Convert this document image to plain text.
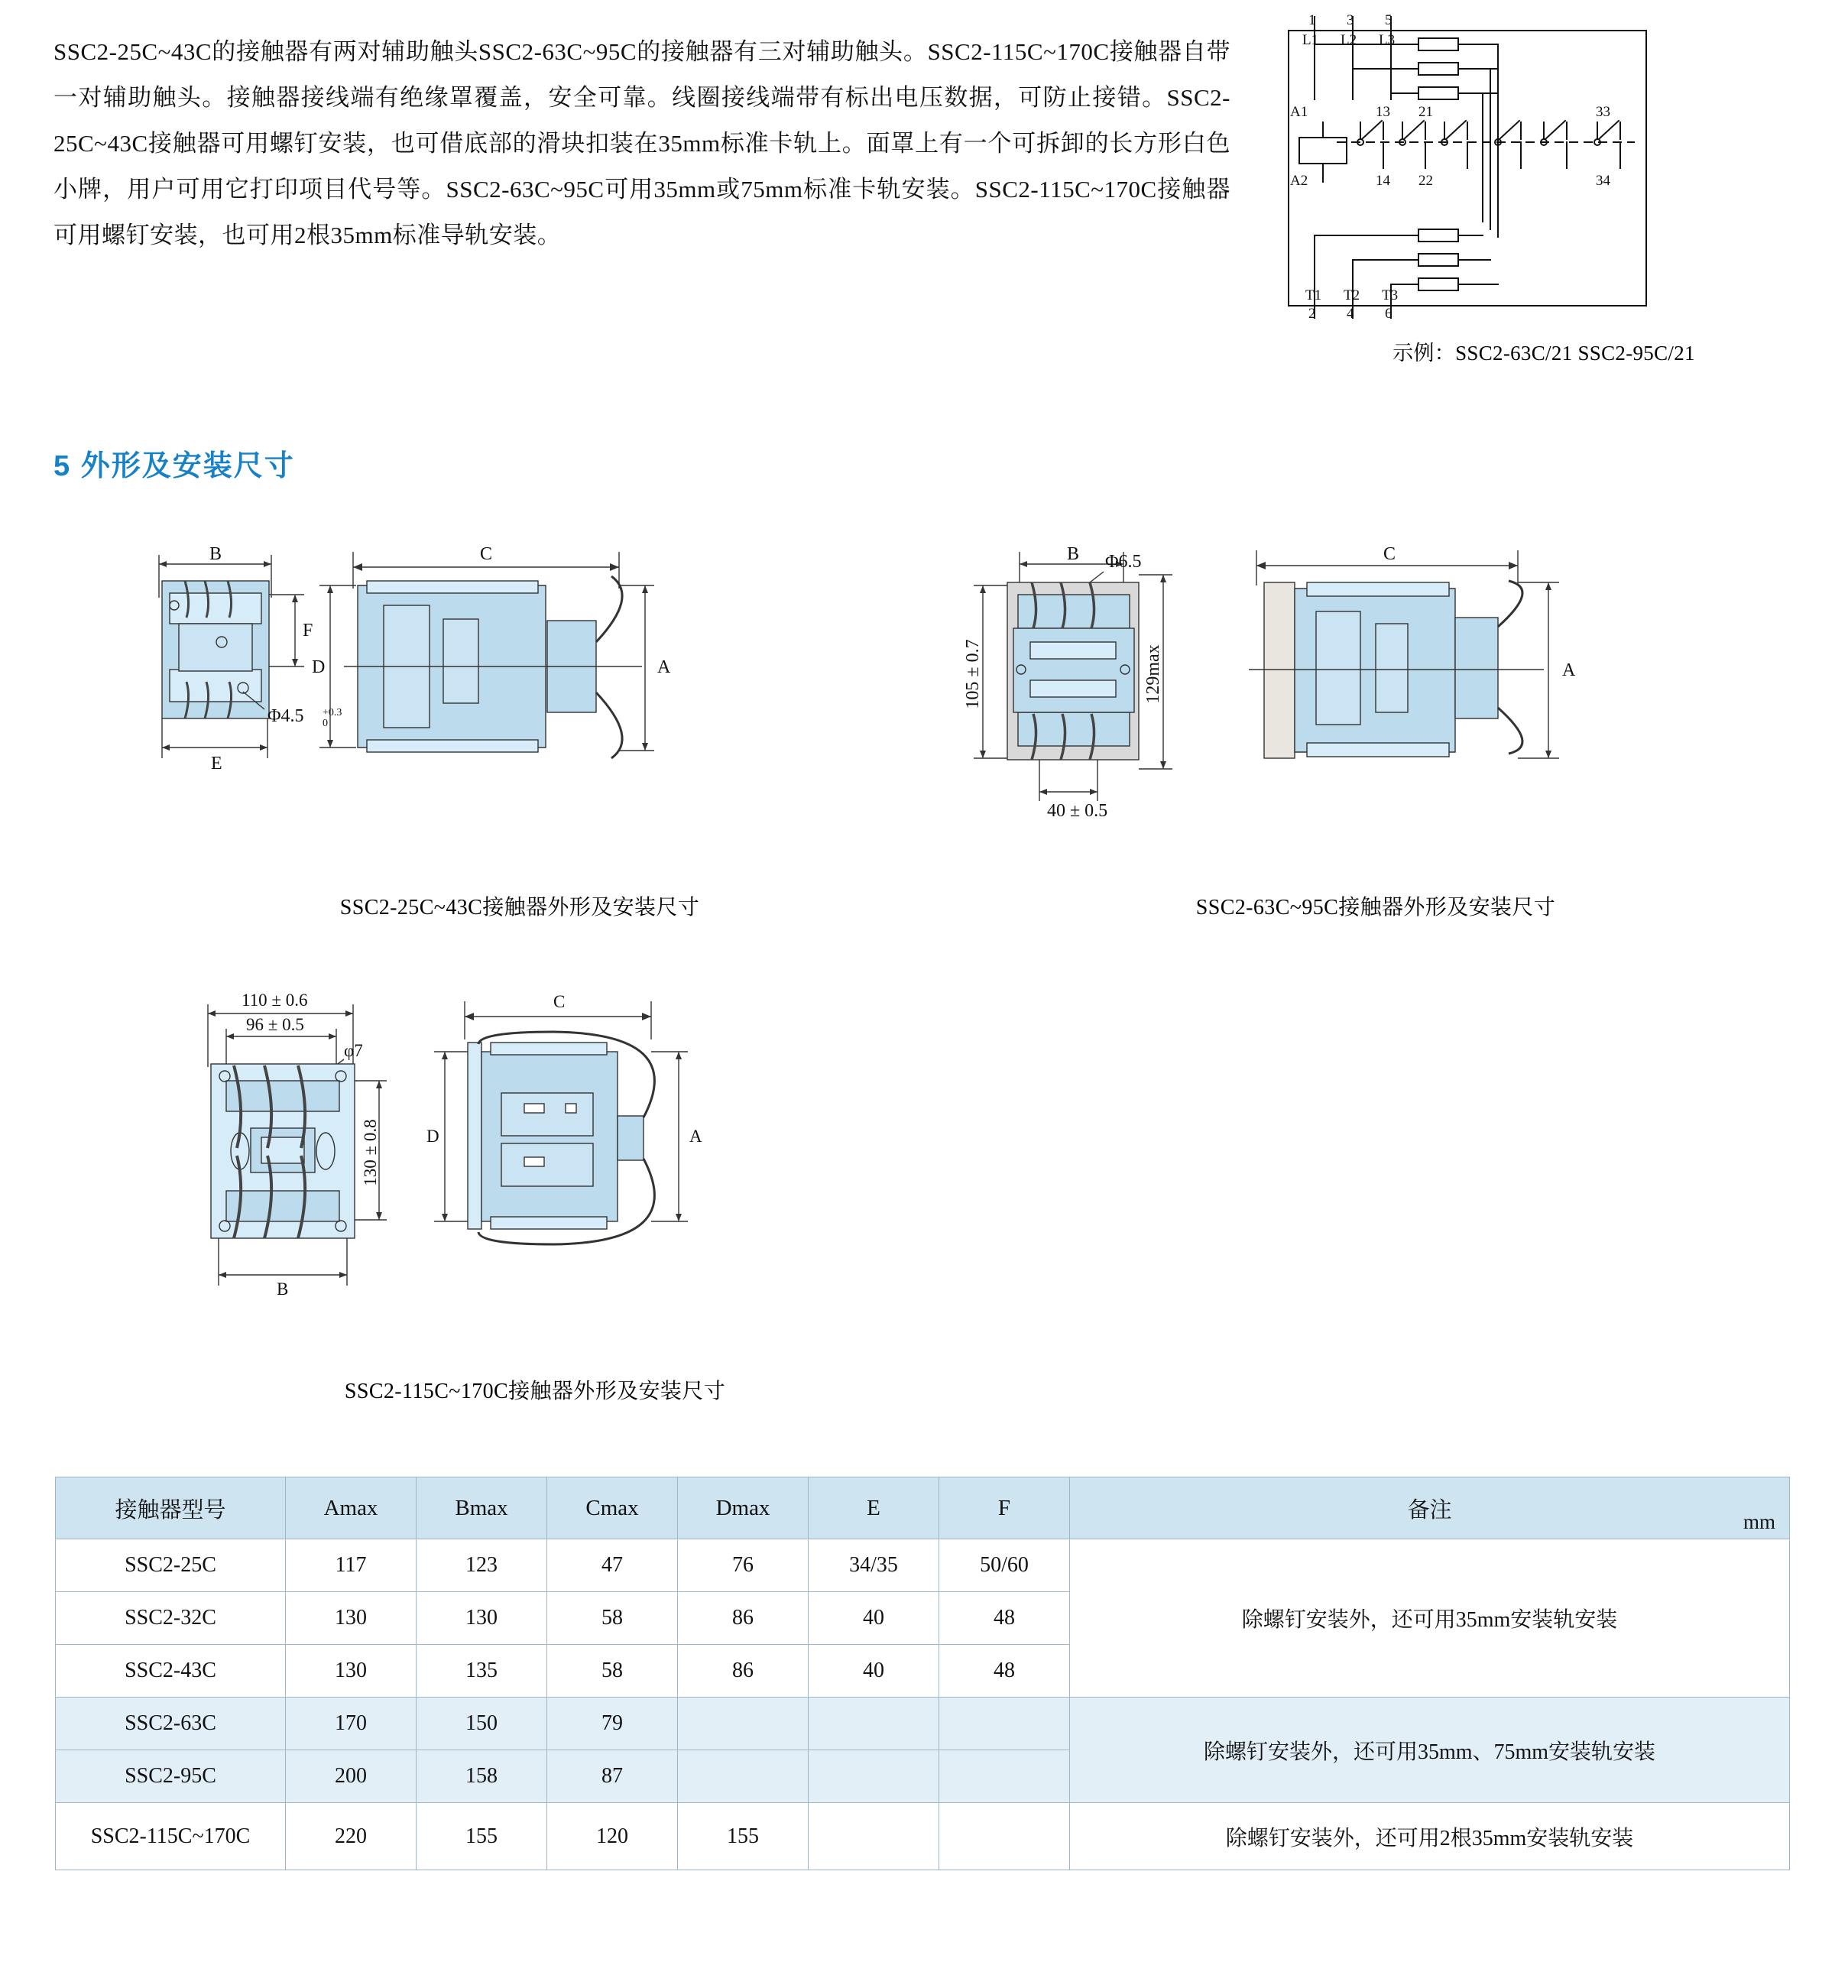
SSC2-25C~43C的接触器有两对辅助触头SSC2-63C~95C的接触器有三对辅助触头。SSC2-115C~170C接触器自带一对辅助触头。接触器接线端有绝缘罩覆盖，安全可靠。线圈接线端带有标出电压数据，可防止接错。SSC2-25C~43C接触器可用螺钉安装，也可借底部的滑块扣装在35mm标准卡轨上。面罩上有一个可拆卸的长方形白色小牌，用户可用它打印项目代号等。SSC2-63C~95C可用35mm或75mm标准卡轨安装。SSC2-115C~170C接触器可用螺钉安装，也可用2根35mm标准导轨安装。
1 3 5
L1 L2 L3
A1
A2
13 21	33
14 22	34
T1 T2 T3
2 4 6
示例：SSC2-63C/21 SSC2-95C/21
5 外形及安装尺寸
B
F
E
Φ4.5 +0.3
0
C
D	A
SSC2-25C~43C接触器外形及安装尺寸
B Φ6.5
105 ± 0.7	129max
40 ± 0.5
C
A
SSC2-63C~95C接触器外形及安装尺寸
110 ± 0.6
96 ± 0.5
φ7
130 ± 0.8
B
C
D	A
SSC2-115C~170C接触器外形及安装尺寸
接触器型号	Amax	Bmax	Cmax	Dmax	E	F	备注 mm

SSC2-25C	117	123	47	76	34/35	50/60	除螺钉安装外，还可用35mm安装轨安装
SSC2-32C	130	130	58	86	40	48	
SSC2-43C	130	135	58	86	40	48	
SSC2-63C	170	150	79				除螺钉安装外，还可用35mm、75mm安装轨安装
SSC2-95C	200	158	87				
SSC2-115C~170C	220	155	120	155			除螺钉安装外，还可用2根35mm安装轨安装
